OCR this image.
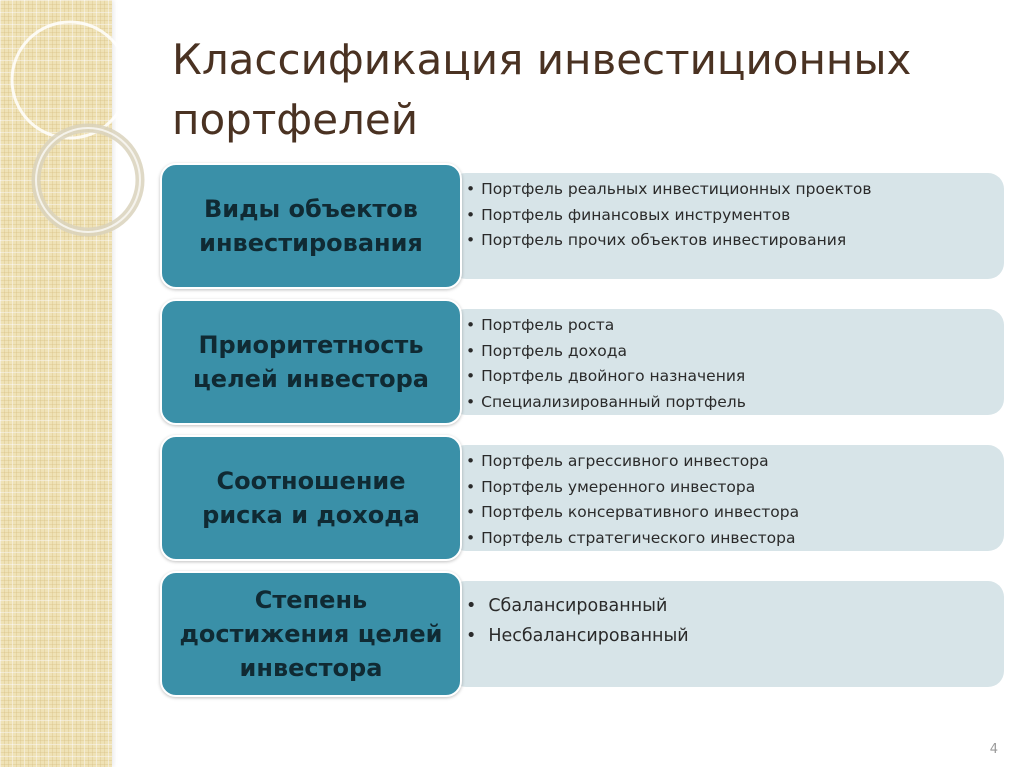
Классификация инвестиционных портфелей
• Портфель реальных инвестиционных проектов
• Портфель финансовых инструментов
• Портфель прочих объектов инвестирования
Виды объектов
инвестирования
• Портфель роста
• Портфель дохода
• Портфель двойного назначения
• Специализированный портфель
Приоритетность
целей инвестора
• Портфель агрессивного инвестора
• Портфель умеренного инвестора
• Портфель консервативного инвестора
• Портфель стратегического инвестора
Соотношение
риска и дохода
• Сбалансированный
• Несбалансированный
Степень
достижения целей
инвестора
4
